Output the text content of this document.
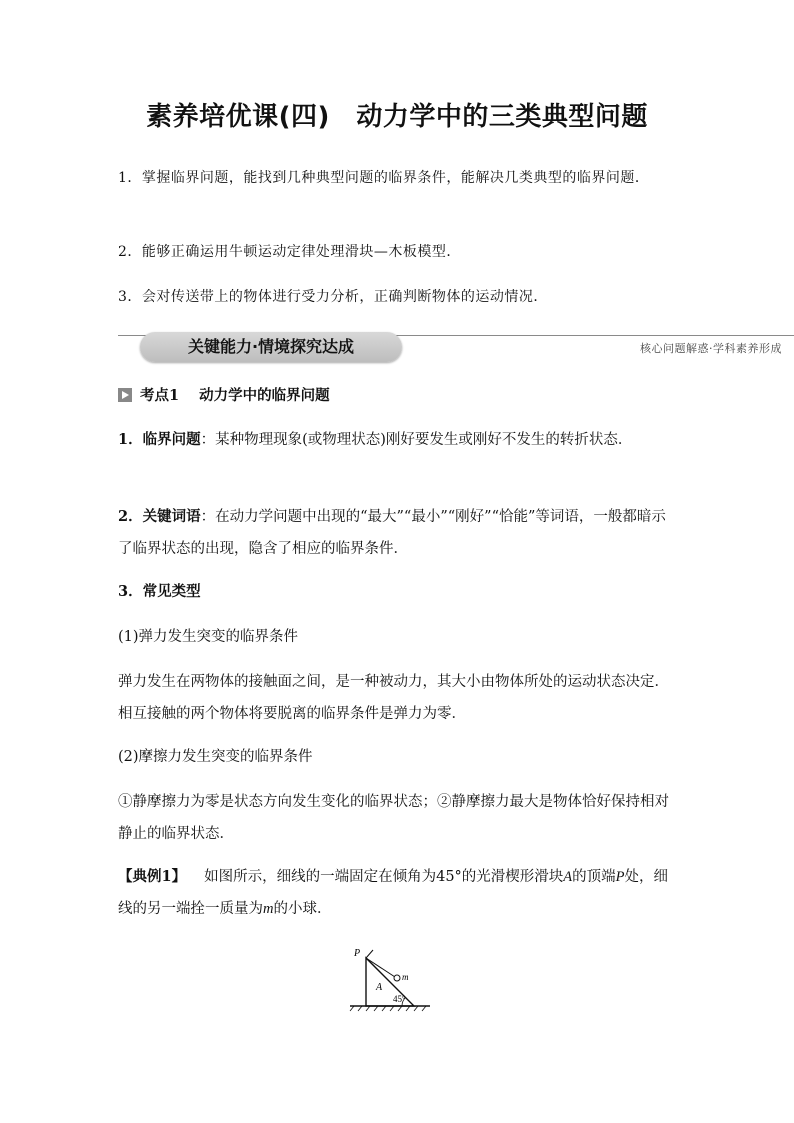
素养培优课(四)　动力学中的三类典型问题
1．掌握临界问题，能找到几种典型问题的临界条件，能解决几类典型的临界问题．
2．能够正确运用牛顿运动定律处理滑块—木板模型．
3．会对传送带上的物体进行受力分析，正确判断物体的运动情况．
关键能力·情境探究达成	核心问题解惑·学科素养形成
考点1 动力学中的临界问题
1．临界问题：某种物理现象(或物理状态)刚好要发生或刚好不发生的转折状态．
2．关键词语：在动力学问题中出现的“最大”“最小”“刚好”“恰能”等词语，一般都暗示了临界状态的出现，隐含了相应的临界条件．
3．常见类型
(1)弹力发生突变的临界条件
弹力发生在两物体的接触面之间，是一种被动力，其大小由物体所处的运动状态决定．相互接触的两个物体将要脱离的临界条件是弹力为零．
(2)摩擦力发生突变的临界条件
①静摩擦力为零是状态方向发生变化的临界状态；②静摩擦力最大是物体恰好保持相对静止的临界状态．
【典例1】 如图所示，细线的一端固定在倾角为45°的光滑楔形滑块A的顶端P处，细线的另一端拴一质量为m的小球．
P
m
A
45°
